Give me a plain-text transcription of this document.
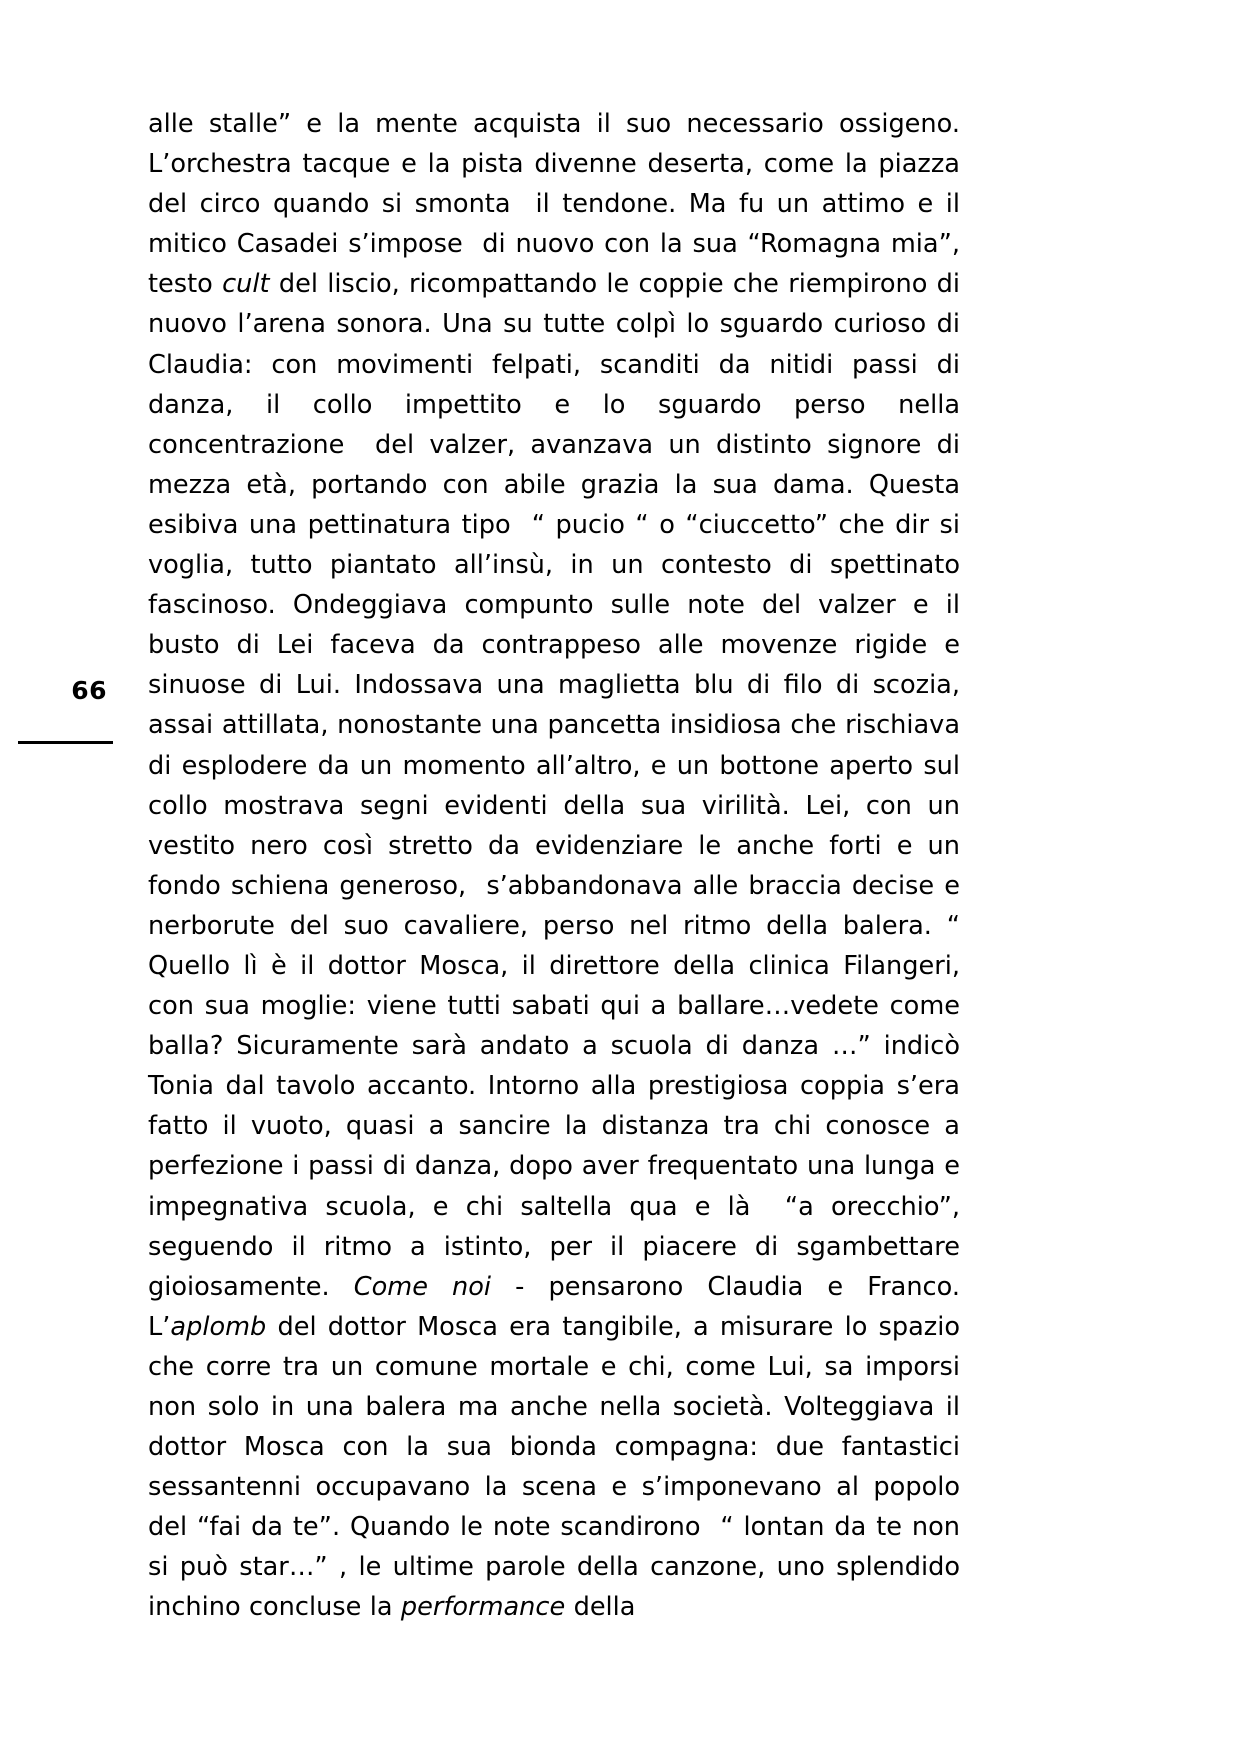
66

alle stalle” e la mente acquista il suo necessario ossigeno. L’orchestra tacque e la pista divenne deserta, come la piazza del circo quando si smonta  il tendone. Ma fu un attimo e il mitico Casadei s’impose  di nuovo con la sua “Romagna mia”, testo cult del liscio, ricompattando le coppie che riempirono di nuovo l’arena sonora. Una su tutte colpì lo sguardo curioso di Claudia: con movimenti felpati, scanditi da nitidi passi di danza, il collo impettito e lo sguardo perso nella concentrazione  del valzer, avanzava un distinto signore di mezza età, portando con abile grazia la sua dama. Questa esibiva una pettinatura tipo  “ pucio “ o “ciuccetto” che dir si voglia, tutto piantato all’insù, in un contesto di spettinato fascinoso. Ondeggiava compunto sulle note del valzer e il busto di Lei faceva da contrappeso alle movenze rigide e sinuose di Lui. Indossava una maglietta blu di filo di scozia, assai attillata, nonostante una pancetta insidiosa che rischiava di esplodere da un momento all’altro, e un bottone aperto sul collo mostrava segni evidenti della sua virilità. Lei, con un vestito nero così stretto da evidenziare le anche forti e un fondo schiena generoso,  s’abbandonava alle braccia decise e nerborute del suo cavaliere, perso nel ritmo della balera. “ Quello lì è il dottor Mosca, il direttore della clinica Filangeri, con sua moglie: viene tutti sabati qui a ballare…vedete come balla? Sicuramente sarà andato a scuola di danza …” indicò Tonia dal tavolo accanto. Intorno alla prestigiosa coppia s’era fatto il vuoto, quasi a sancire la distanza tra chi conosce a perfezione i passi di danza, dopo aver frequentato una lunga e impegnativa scuola, e chi saltella qua e là  “a orecchio”, seguendo il ritmo a istinto, per il piacere di sgambettare gioiosamente. Come noi - pensarono Claudia e Franco. L’aplomb del dottor Mosca era tangibile, a misurare lo spazio che corre tra un comune mortale e chi, come Lui, sa imporsi non solo in una balera ma anche nella società. Volteggiava il dottor Mosca con la sua bionda compagna: due fantastici sessantenni occupavano la scena e s’imponevano al popolo del “fai da te”. Quando le note scandirono  “ lontan da te non si può star…” , le ultime parole della canzone, uno splendido inchino concluse la performance della
